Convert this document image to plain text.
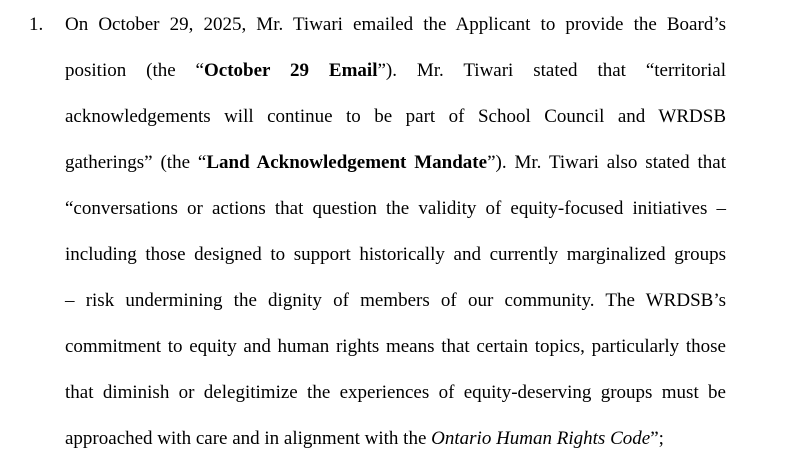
1. On October 29, 2025, Mr. Tiwari emailed the Applicant to provide the Board’s
position (the “October 29 Email”). Mr. Tiwari stated that “territorial
acknowledgements will continue to be part of School Council and WRDSB
gatherings” (the “Land Acknowledgement Mandate”). Mr. Tiwari also stated that
“conversations or actions that question the validity of equity-focused initiatives –
including those designed to support historically and currently marginalized groups
– risk undermining the dignity of members of our community. The WRDSB’s
commitment to equity and human rights means that certain topics, particularly those
that diminish or delegitimize the experiences of equity-deserving groups must be
approached with care and in alignment with the Ontario Human Rights Code”;
